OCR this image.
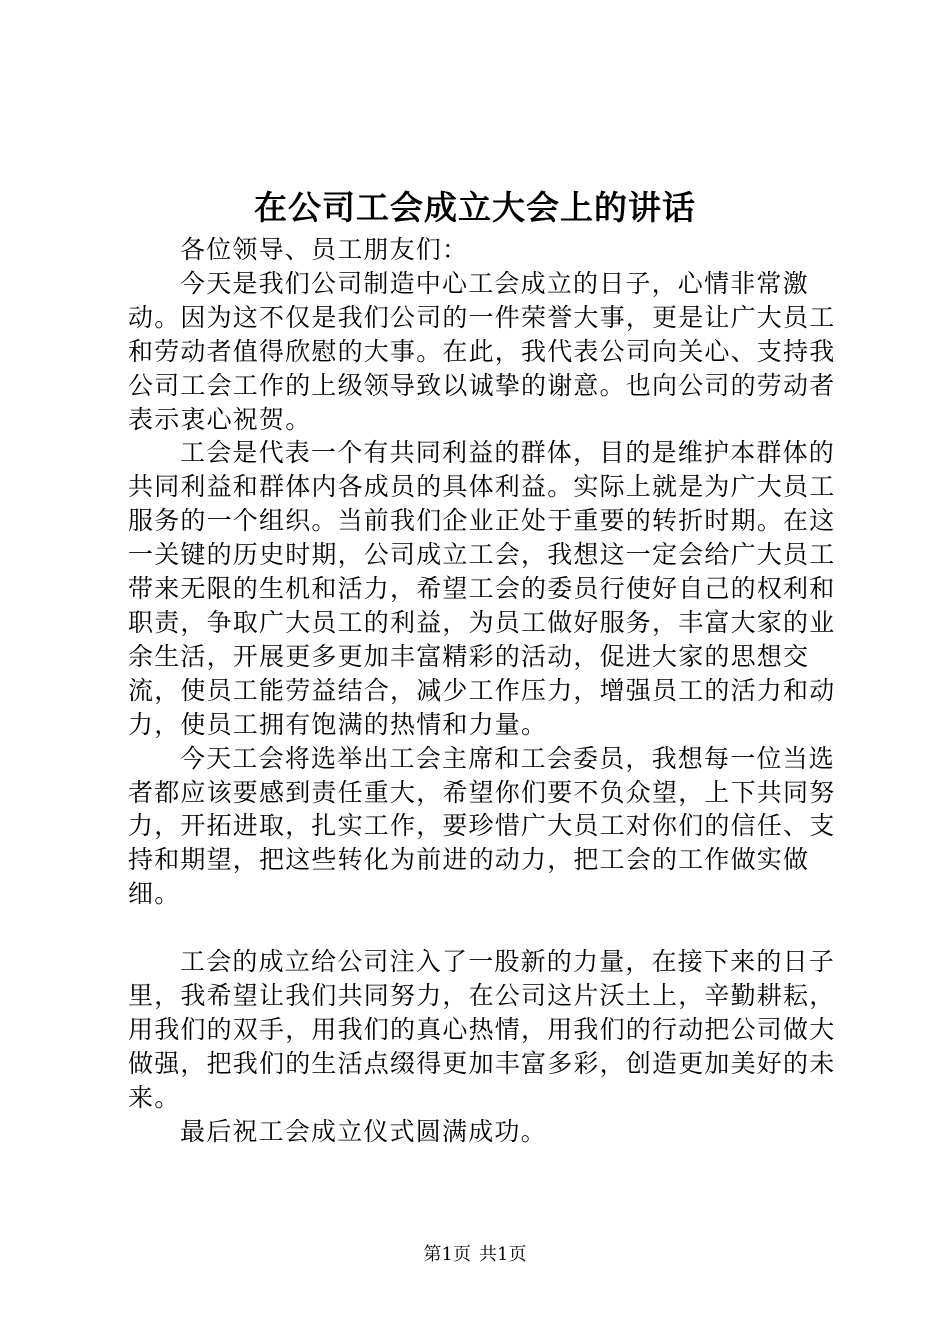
在公司工会成立大会上的讲话

各位领导、员工朋友们：

今天是我们公司制造中心工会成立的日子，心情非常激动。因为这不仅是我们公司的一件荣誉大事，更是让广大员工和劳动者值得欣慰的大事。在此，我代表公司向关心、支持我公司工会工作的上级领导致以诚挚的谢意。也向公司的劳动者表示衷心祝贺。

工会是代表一个有共同利益的群体，目的是维护本群体的共同利益和群体内各成员的具体利益。实际上就是为广大员工服务的一个组织。当前我们企业正处于重要的转折时期。在这一关键的历史时期，公司成立工会，我想这一定会给广大员工带来无限的生机和活力，希望工会的委员行使好自己的权利和职责，争取广大员工的利益，为员工做好服务，丰富大家的业余生活，开展更多更加丰富精彩的活动，促进大家的思想交流，使员工能劳益结合，减少工作压力，增强员工的活力和动力，使员工拥有饱满的热情和力量。

今天工会将选举出工会主席和工会委员，我想每一位当选者都应该要感到责任重大，希望你们要不负众望，上下共同努力，开拓进取，扎实工作，要珍惜广大员工对你们的信任、支持和期望，把这些转化为前进的动力，把工会的工作做实做细。

工会的成立给公司注入了一股新的力量，在接下来的日子里，我希望让我们共同努力，在公司这片沃土上，辛勤耕耘，用我们的双手，用我们的真心热情，用我们的行动把公司做大做强，把我们的生活点缀得更加丰富多彩，创造更加美好的未来。

最后祝工会成立仪式圆满成功。

第1页 共1页
